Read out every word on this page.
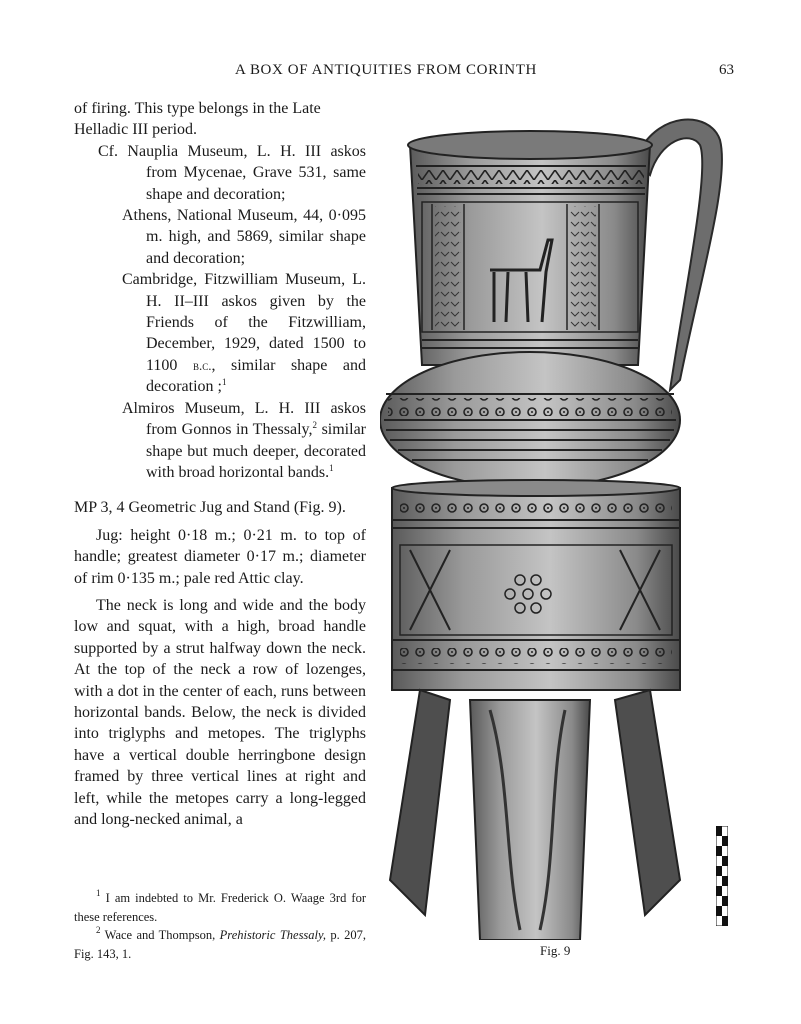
A BOX OF ANTIQUITIES FROM CORINTH	63

of firing. This type belongs in the Late Helladic III period.

Cf. Nauplia Museum, L. H. III askos from Mycenae, Grave 531, same shape and decoration;

Athens, National Museum, 44, 0·095 m. high, and 5869, similar shape and decoration;

Cambridge, Fitzwilliam Museum, L. H. II–III askos given by the Friends of the Fitzwilliam, December, 1929, dated 1500 to 1100 b.c., similar shape and decoration ;$^1$

Almiros Museum, L. H. III askos from Gonnos in Thessaly,$^2$ similar shape but much deeper, decorated with broad horizontal bands.$^1$

MP 3, 4 Geometric Jug and Stand (Fig. 9).

Jug: height 0·18 m.; 0·21 m. to top of handle; greatest diameter 0·17 m.; diameter of rim 0·135 m.; pale red Attic clay.

The neck is long and wide and the body low and squat, with a high, broad handle supported by a strut halfway down the neck. At the top of the neck a row of lozenges, with a dot in the center of each, runs between horizontal bands. Below, the neck is divided into triglyphs and metopes. The triglyphs have a vertical double herringbone design framed by three vertical lines at right and left, while the metopes carry a long-legged and long-necked animal, a

$^1$ I am indebted to Mr. Frederick O. Waage 3rd for these references.

$^2$ Wace and Thompson, Prehistoric Thessaly, p. 207, Fig. 143, 1.	Fig. 9
